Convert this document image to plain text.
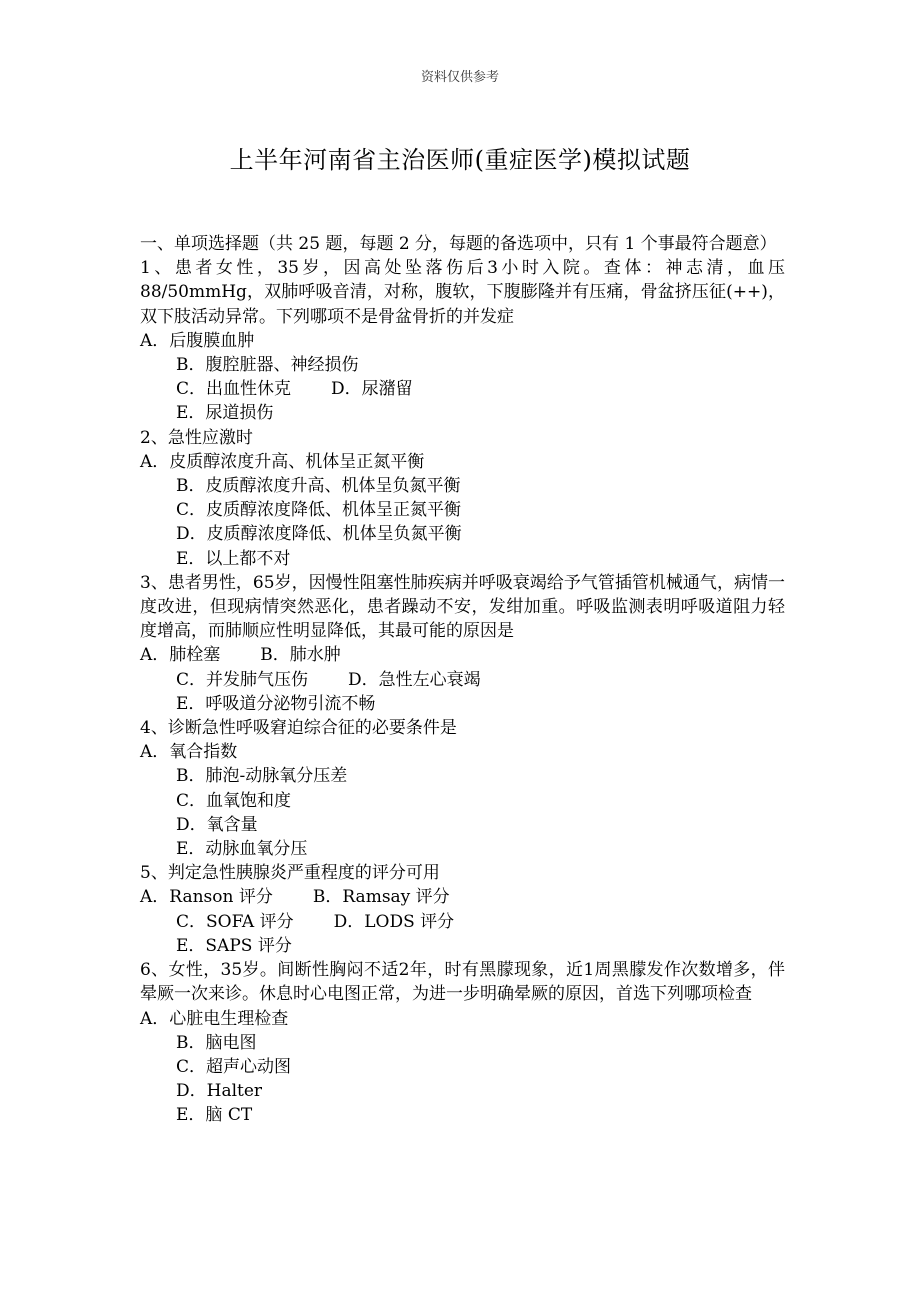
资料仅供参考
上半年河南省主治医师(重症医学)模拟试题
一、单项选择题（共 25 题，每题 2 分，每题的备选项中，只有 1 个事最符合题意）
1、患者女性，35岁，因高处坠落伤后3小时入院。查体：神志清，血压88/50mmHg，双肺呼吸音清，对称，腹软，下腹膨隆并有压痛，骨盆挤压征(++)，双下肢活动异常。下列哪项不是骨盆骨折的并发症
A．后腹膜血肿
B．腹腔脏器、神经损伤
C．出血性休克 D．尿潴留
E．尿道损伤
2、急性应激时
A．皮质醇浓度升高、机体呈正氮平衡
B．皮质醇浓度升高、机体呈负氮平衡
C．皮质醇浓度降低、机体呈正氮平衡
D．皮质醇浓度降低、机体呈负氮平衡
E．以上都不对
3、患者男性，65岁，因慢性阻塞性肺疾病并呼吸衰竭给予气管插管机械通气，病情一度改进，但现病情突然恶化，患者躁动不安，发绀加重。呼吸监测表明呼吸道阻力轻度增高，而肺顺应性明显降低，其最可能的原因是
A．肺栓塞 B．肺水肿
C．并发肺气压伤 D．急性左心衰竭
E．呼吸道分泌物引流不畅
4、诊断急性呼吸窘迫综合征的必要条件是
A．氧合指数
B．肺泡-动脉氧分压差
C．血氧饱和度
D．氧含量
E．动脉血氧分压
5、判定急性胰腺炎严重程度的评分可用
A．Ranson 评分 B．Ramsay 评分
C．SOFA 评分 D．LODS 评分
E．SAPS 评分
6、女性，35岁。间断性胸闷不适2年，时有黑朦现象，近1周黑朦发作次数增多，伴晕厥一次来诊。休息时心电图正常，为进一步明确晕厥的原因，首选下列哪项检查
A．心脏电生理检查
B．脑电图
C．超声心动图
D．Halter
E．脑 CT
